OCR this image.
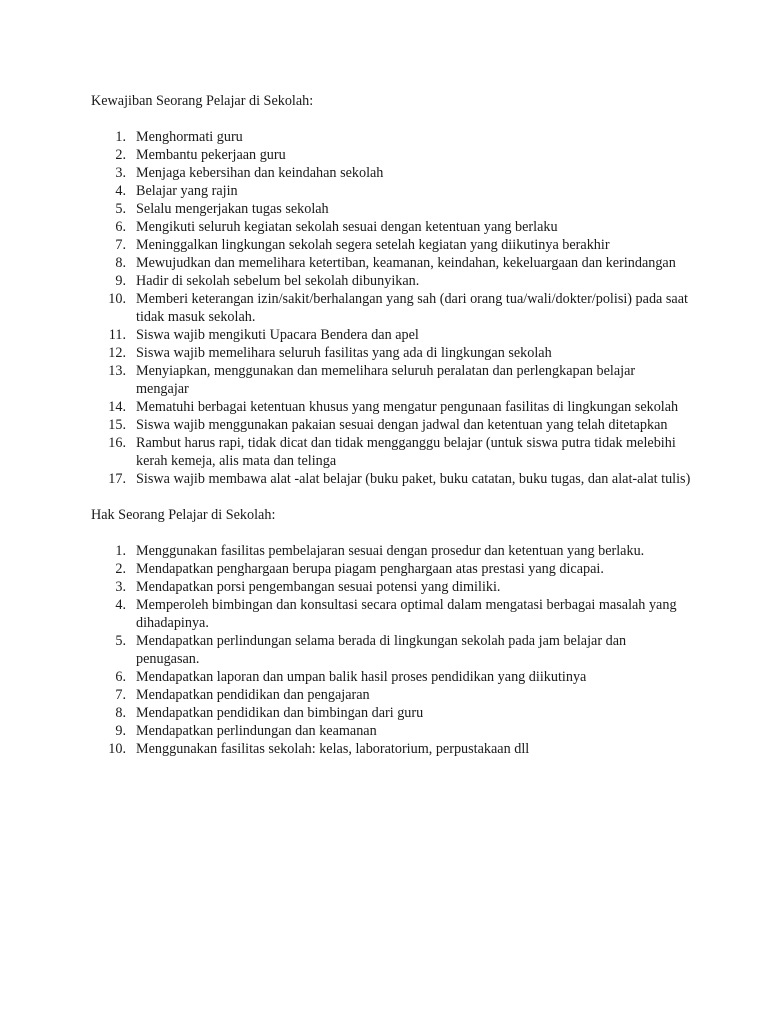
Kewajiban Seorang Pelajar di Sekolah:

1. Menghormati guru
2. Membantu pekerjaan guru
3. Menjaga kebersihan dan keindahan sekolah
4. Belajar yang rajin
5. Selalu mengerjakan tugas sekolah
6. Mengikuti seluruh kegiatan sekolah sesuai dengan ketentuan yang berlaku
7. Meninggalkan lingkungan sekolah segera setelah kegiatan yang diikutinya berakhir
8. Mewujudkan dan memelihara ketertiban, keamanan, keindahan, kekeluargaan dan kerindangan
9. Hadir di sekolah sebelum bel sekolah dibunyikan.
10. Memberi keterangan izin/sakit/berhalangan yang sah (dari orang tua/wali/dokter/polisi) pada saat tidak masuk sekolah.
11. Siswa wajib mengikuti Upacara Bendera dan apel
12. Siswa wajib memelihara seluruh fasilitas yang ada di lingkungan sekolah
13. Menyiapkan, menggunakan dan memelihara seluruh peralatan dan perlengkapan belajar mengajar
14. Mematuhi berbagai ketentuan khusus yang mengatur pengunaan fasilitas di lingkungan sekolah
15. Siswa wajib menggunakan pakaian sesuai dengan jadwal dan ketentuan yang telah ditetapkan
16. Rambut harus rapi, tidak dicat dan tidak mengganggu belajar (untuk siswa putra tidak melebihi kerah kemeja, alis mata dan telinga
17. Siswa wajib membawa alat -alat belajar (buku paket, buku catatan, buku tugas, dan alat-alat tulis)

Hak Seorang Pelajar di Sekolah:

1. Menggunakan fasilitas pembelajaran sesuai dengan prosedur dan ketentuan yang berlaku.
2. Mendapatkan penghargaan berupa piagam penghargaan atas prestasi yang dicapai.
3. Mendapatkan porsi pengembangan sesuai potensi yang dimiliki.
4. Memperoleh bimbingan dan konsultasi secara optimal dalam mengatasi berbagai masalah yang dihadapinya.
5. Mendapatkan perlindungan selama berada di lingkungan sekolah pada jam belajar dan penugasan.
6. Mendapatkan laporan dan umpan balik hasil proses pendidikan yang diikutinya
7. Mendapatkan pendidikan dan pengajaran
8. Mendapatkan pendidikan dan bimbingan dari guru
9. Mendapatkan perlindungan dan keamanan
10. Menggunakan fasilitas sekolah: kelas, laboratorium, perpustakaan dll
